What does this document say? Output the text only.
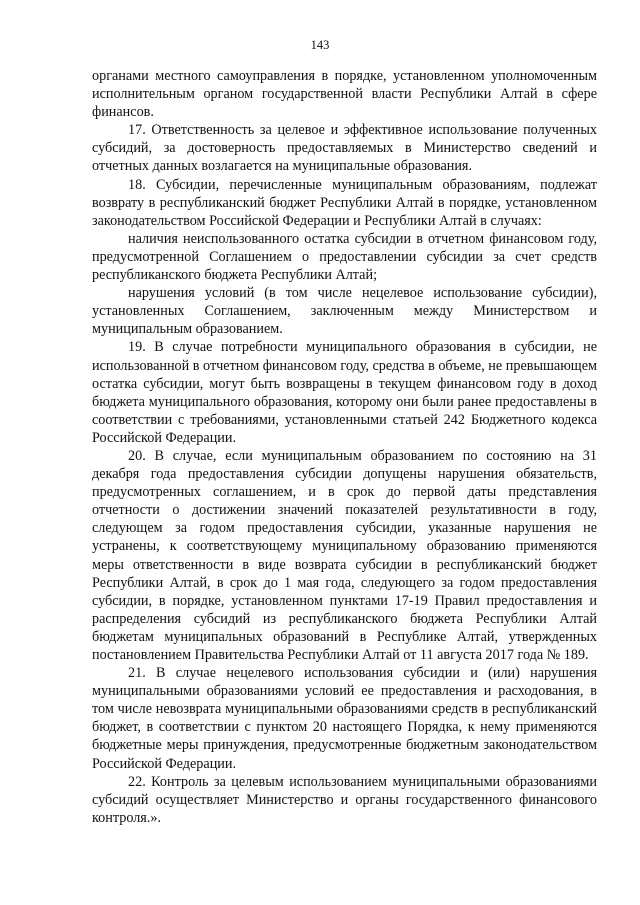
143

органами местного самоуправления в порядке, установленном уполномоченным исполнительным органом государственной власти Республики Алтай в сфере финансов.

17. Ответственность за целевое и эффективное использование полученных субсидий, за достоверность предоставляемых в Министерство сведений и отчетных данных возлагается на муниципальные образования.

18. Субсидии, перечисленные муниципальным образованиям, подлежат возврату в республиканский бюджет Республики Алтай в порядке, установленном законодательством Российской Федерации и Республики Алтай в случаях:

наличия неиспользованного остатка субсидии в отчетном финансовом году, предусмотренной Соглашением о предоставлении субсидии за счет средств республиканского бюджета Республики Алтай;

нарушения условий (в том числе нецелевое использование субсидии), установленных Соглашением, заключенным между Министерством и муниципальным образованием.

19. В случае потребности муниципального образования в субсидии, не использованной в отчетном финансовом году, средства в объеме, не превышающем остатка субсидии, могут быть возвращены в текущем финансовом году в доход бюджета муниципального образования, которому они были ранее предоставлены в соответствии с требованиями, установленными статьей 242 Бюджетного кодекса Российской Федерации.

20. В случае, если муниципальным образованием по состоянию на 31 декабря года предоставления субсидии допущены нарушения обязательств, предусмотренных соглашением, и в срок до первой даты представления отчетности о достижении значений показателей результативности в году, следующем за годом предоставления субсидии, указанные нарушения не устранены, к соответствующему муниципальному образованию применяются меры ответственности в виде возврата субсидии в республиканский бюджет Республики Алтай, в срок до 1 мая года, следующего за годом предоставления субсидии, в порядке, установленном пунктами 17-19 Правил предоставления и распределения субсидий из республиканского бюджета Республики Алтай бюджетам муниципальных образований в Республике Алтай, утвержденных постановлением Правительства Республики Алтай от 11 августа 2017 года № 189.

21. В случае нецелевого использования субсидии и (или) нарушения муниципальными образованиями условий ее предоставления и расходования, в том числе невозврата муниципальными образованиями средств в республиканский бюджет, в соответствии с пунктом 20 настоящего Порядка, к нему применяются бюджетные меры принуждения, предусмотренные бюджетным законодательством Российской Федерации.

22. Контроль за целевым использованием муниципальными образованиями субсидий осуществляет Министерство и органы государственного финансового контроля.».
